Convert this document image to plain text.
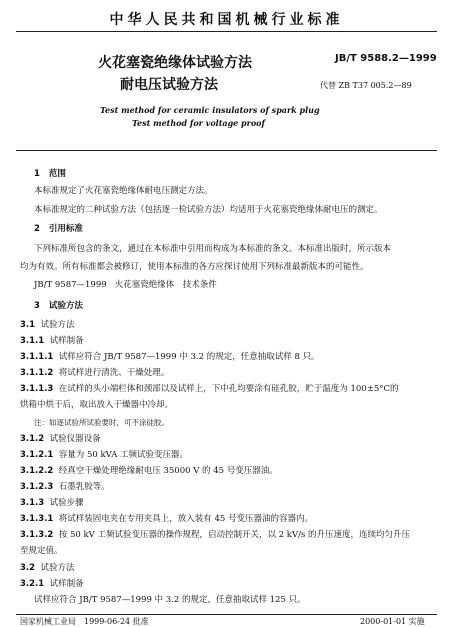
中华人民共和国机械行业标准
火花塞瓷绝缘体试验方法
耐电压试验方法
JB/T 9588.2—1999
代替 ZB T37 005.2—89
Test method for ceramic insulators of spark plug
Test method for voltage proof
1 范围
本标准规定了火花塞瓷绝缘体耐电压测定方法。
本标准规定的二种试验方法（包括逐一检试验方法）均适用于火花塞瓷绝缘体耐电压的测定。
2 引用标准
下列标准所包含的条文，通过在本标准中引用而构成为本标准的条文。本标准出版时，所示版本
均为有效。所有标准都会被修订，使用本标准的各方应探讨使用下列标准最新版本的可能性。
JB/T 9587—1999 火花塞瓷绝缘体　技术条件
3 试验方法
3.1 试验方法
3.1.1 试样制备
3.1.1.1 试样应符合 JB/T 9587—1999 中 3.2 的规定，任意抽取试样 8 只。
3.1.1.2 将试样进行清洗、干燥处理。
3.1.1.3 在试样的头小端栏体和颈部以及试样上，下中孔均要涂有硅孔胶，贮于温度为 100±5°C的
烘箱中烘干后，取出放入干燥器中冷却。
注：如逐试验所试验要时，可不涂硅胶。
3.1.2 试验仪器设备
3.1.2.1 容量为 50 kVA 工频试验变压器。
3.1.2.2 经真空干燥处理绝缘耐电压 35000 V 的 45 号变压器油。
3.1.2.3 石墨乳胶等。
3.1.3 试验步骤
3.1.3.1 将试样装固电夹在专用夹具上，放入装有 45 号变压器油的容器内。
3.1.3.2 按 50 kV 工频试验变压器的操作规程，启动控制开关，以 2 kV/s 的升压速度，连续均匀升压
至规定值。
3.2 试验方法
3.2.1 试样制备
试样应符合 JB/T 9587—1999 中 3.2 的规定，任意抽取试样 125 只。
国家机械工业局　1999-06-24 批准	2000-01-01 实施
